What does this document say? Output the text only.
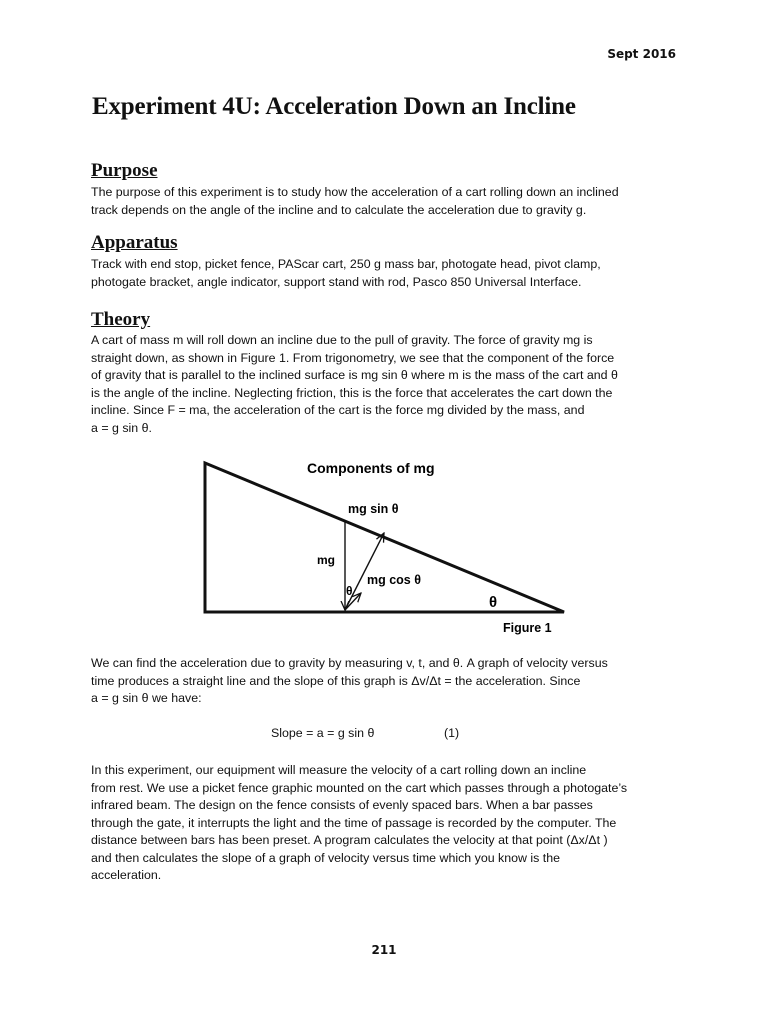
Sept 2016
Experiment 4U: Acceleration Down an Incline
Purpose
The purpose of this experiment is to study how the acceleration of a cart rolling down an inclined
track depends on the angle of the incline and to calculate the acceleration due to gravity g.
Apparatus
Track with end stop, picket fence, PAScar cart, 250 g mass bar, photogate head, pivot clamp,
photogate bracket, angle indicator, support stand with rod, Pasco 850 Universal Interface.
Theory
A cart of mass m will roll down an incline due to the pull of gravity. The force of gravity mg is
straight down, as shown in Figure 1. From trigonometry, we see that the component of the force
of gravity that is parallel to the inclined surface is mg sin θ where m is the mass of the cart and θ
is the angle of the incline. Neglecting friction, this is the force that accelerates the cart down the
incline. Since F = ma, the acceleration of the cart is the force mg divided by the mass, and
a = g sin θ.
Components of mg
mg sin θ
mg
θ
mg cos θ
θ
Figure 1
We can find the acceleration due to gravity by measuring v, t, and θ. A graph of velocity versus
time produces a straight line and the slope of this graph is Δv/Δt = the acceleration. Since
a = g sin θ we have:
Slope = a = g sin θ	(1)
In this experiment, our equipment will measure the velocity of a cart rolling down an incline
from rest. We use a picket fence graphic mounted on the cart which passes through a photogate’s
infrared beam. The design on the fence consists of evenly spaced bars. When a bar passes
through the gate, it interrupts the light and the time of passage is recorded by the computer. The
distance between bars has been preset. A program calculates the velocity at that point (Δx/Δt )
and then calculates the slope of a graph of velocity versus time which you know is the
acceleration.
211
